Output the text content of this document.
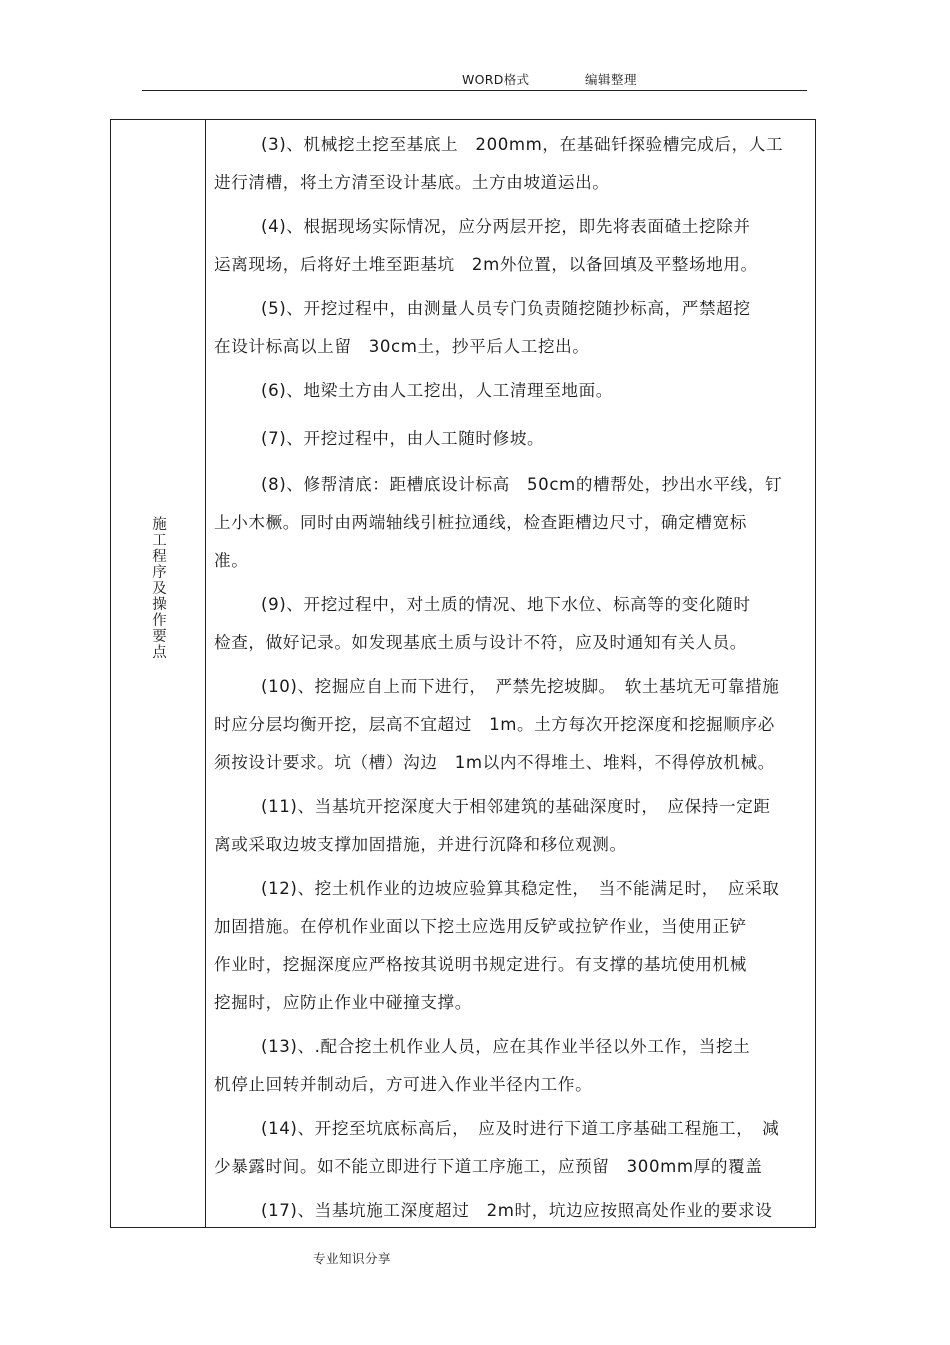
WORD格式	编辑整理
施工程序及操作要点
(3)、机械挖土挖至基底上　200mm，在基础钎探验槽完成后，人工
进行清槽，将土方清至设计基底。土方由坡道运出。
(4)、根据现场实际情况，应分两层开挖，即先将表面碴土挖除并
运离现场，后将好土堆至距基坑　2m外位置，以备回填及平整场地用。
(5)、开挖过程中，由测量人员专门负责随挖随抄标高，严禁超挖
在设计标高以上留　30cm土，抄平后人工挖出。
(6)、地梁土方由人工挖出，人工清理至地面。
(7)、开挖过程中，由人工随时修坡。
(8)、修帮清底：距槽底设计标高　50cm的槽帮处，抄出水平线，钉
上小木橛。同时由两端轴线引桩拉通线，检查距槽边尺寸，确定槽宽标
准。
(9)、开挖过程中，对土质的情况、地下水位、标高等的变化随时
检查，做好记录。如发现基底土质与设计不符，应及时通知有关人员。
(10)、挖掘应自上而下进行，　严禁先挖坡脚。　软土基坑无可靠措施
时应分层均衡开挖，层高不宜超过　1m。土方每次开挖深度和挖掘顺序必
须按设计要求。坑（槽）沟边　1m以内不得堆土、堆料，不得停放机械。
(11)、当基坑开挖深度大于相邻建筑的基础深度时，　应保持一定距
离或采取边坡支撑加固措施，并进行沉降和移位观测。
(12)、挖土机作业的边坡应验算其稳定性，　当不能满足时，　应采取
加固措施。在停机作业面以下挖土应选用反铲或拉铲作业，当使用正铲
作业时，挖掘深度应严格按其说明书规定进行。有支撑的基坑使用机械
挖掘时，应防止作业中碰撞支撑。
(13)、.配合挖土机作业人员，应在其作业半径以外工作，当挖土
机停止回转并制动后，方可进入作业半径内工作。
(14)、开挖至坑底标高后，　应及时进行下道工序基础工程施工，　减
少暴露时间。如不能立即进行下道工序施工，应预留　300mm厚的覆盖
(17)、当基坑施工深度超过　2m时，坑边应按照高处作业的要求设
专业知识分享
